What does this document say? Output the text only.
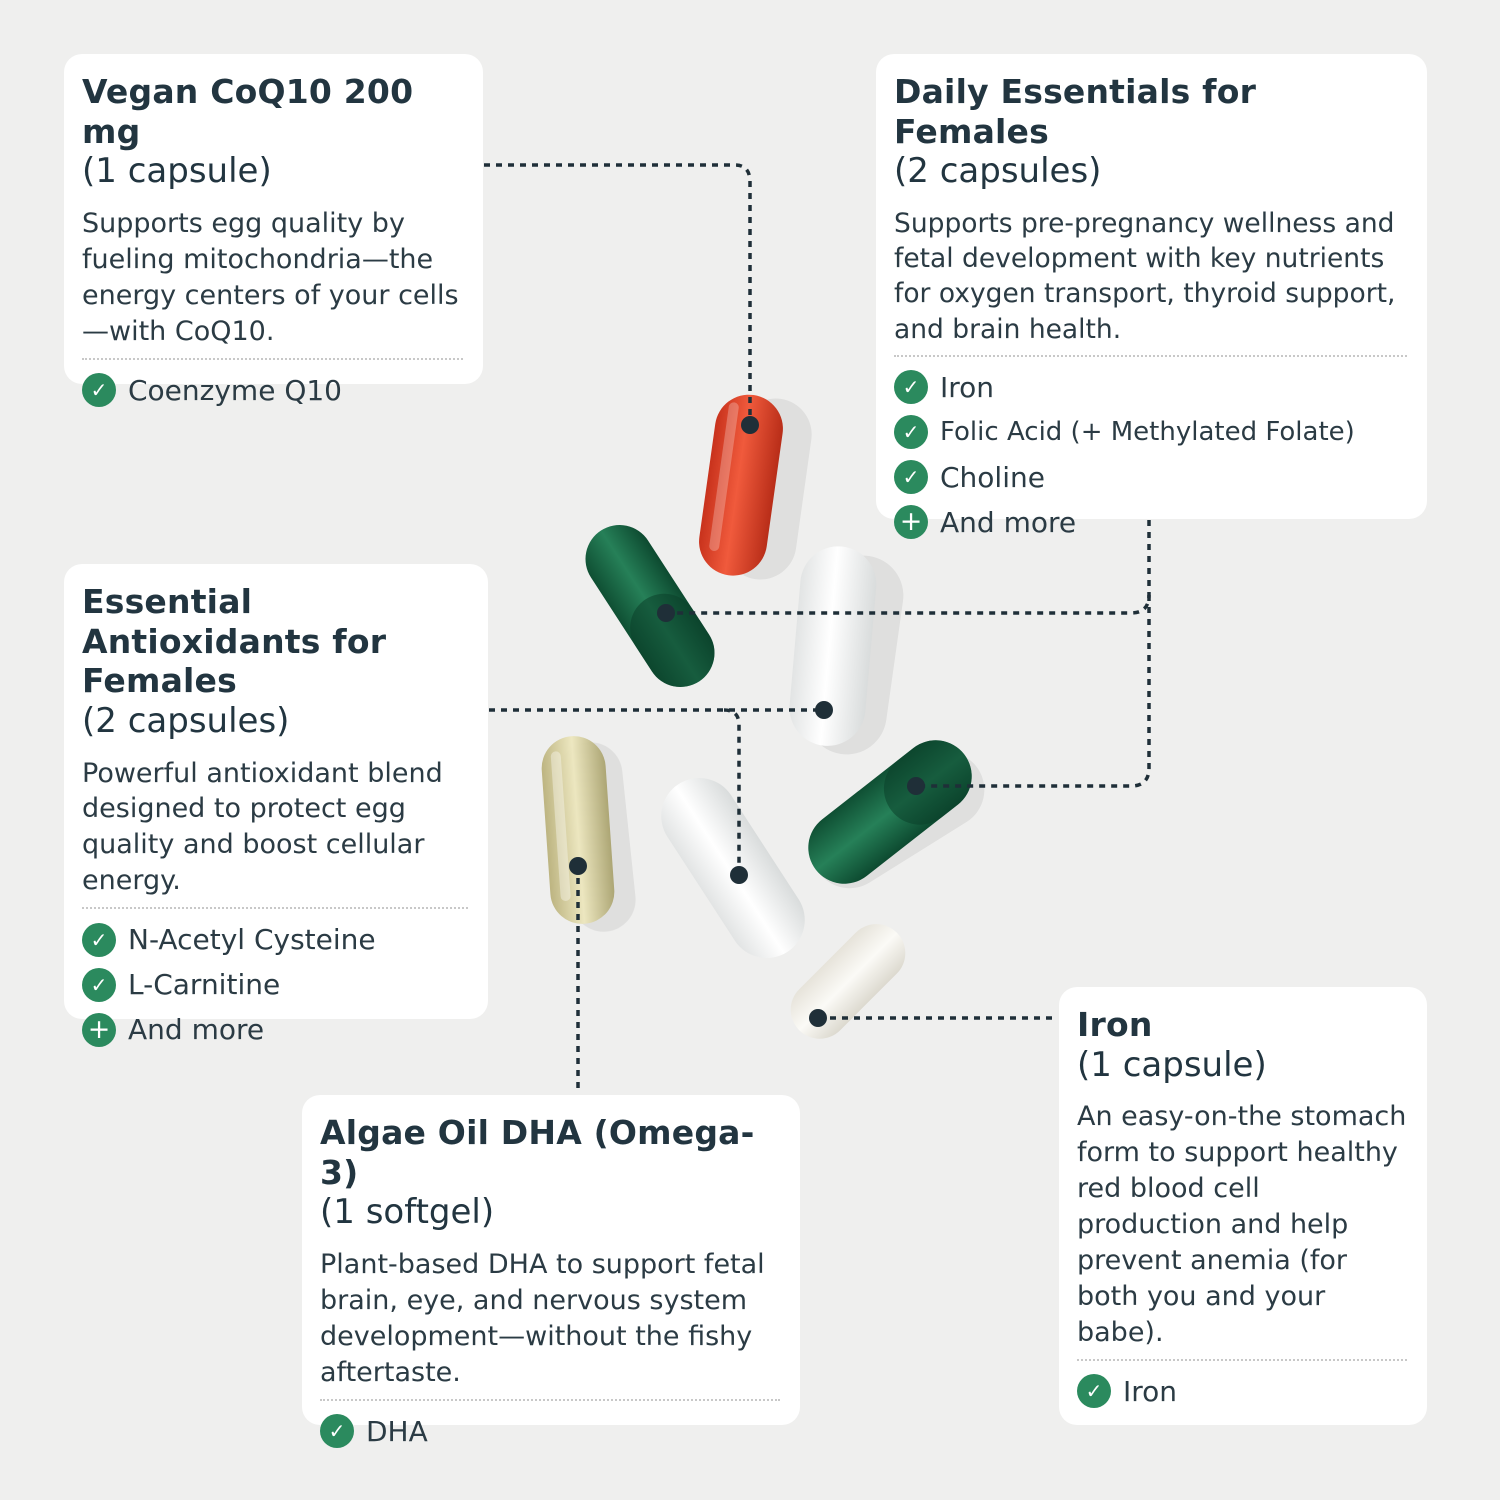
Vegan CoQ10 200 mg
(1 capsule)
Supports egg quality by fueling mitochondria—the energy centers of your cells—with CoQ10.
✓ Coenzyme Q10
Daily Essentials for Females
(2 capsules)
Supports pre-pregnancy wellness and fetal development with key nutrients for oxygen transport, thyroid support, and brain health.
✓ Iron
✓ Folic Acid (+ Methylated Folate)
✓ Choline
+ And more
Essential Antioxidants for Females
(2 capsules)
Powerful antioxidant blend designed to protect egg quality and boost cellular energy.
✓ N-Acetyl Cysteine
✓ L-Carnitine
+ And more
Algae Oil DHA (Omega-3)
(1 softgel)
Plant-based DHA to support fetal brain, eye, and nervous system development—without the fishy aftertaste.
✓ DHA
Iron
(1 capsule)
An easy-on-the stomach form to support healthy red blood cell production and help prevent anemia (for both you and your babe).
✓ Iron
